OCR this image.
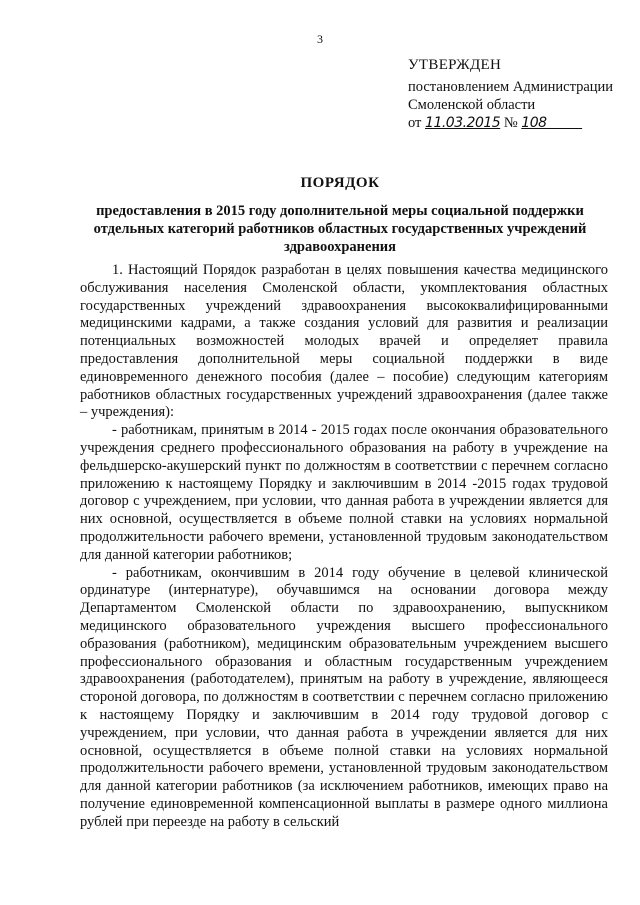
3
УТВЕРЖДЕН
постановлением Администрации
Смоленской области
от 11.03.2015 № 108
ПОРЯДОК
предоставления в 2015 году дополнительной меры социальной поддержки отдельных категорий работников областных государственных учреждений здравоохранения

1. Настоящий Порядок разработан в целях повышения качества медицинского обслуживания населения Смоленской области, укомплектования областных государственных учреждений здравоохранения высококвалифицированными медицинскими кадрами, а также создания условий для развития и реализации потенциальных возможностей молодых врачей и определяет правила предоставления дополнительной меры социальной поддержки в виде единовременного денежного пособия (далее – пособие) следующим категориям работников областных государственных учреждений здравоохранения (далее также – учреждения):

- работникам, принятым в 2014 - 2015 годах после окончания образовательного учреждения среднего профессионального образования на работу в учреждение на фельдшерско-акушерский пункт по должностям в соответствии с перечнем согласно приложению к настоящему Порядку и заключившим в 2014 -2015 годах трудовой договор с учреждением, при условии, что данная работа в учреждении является для них основной, осуществляется в объеме полной ставки на условиях нормальной продолжительности рабочего времени, установленной трудовым законодательством для данной категории работников;

- работникам, окончившим в 2014 году обучение в целевой клинической ординатуре (интернатуре), обучавшимся на основании договора между Департаментом Смоленской области по здравоохранению, выпускником медицинского образовательного учреждения высшего профессионального образования (работником), медицинским образовательным учреждением высшего профессионального образования и областным государственным учреждением здравоохранения (работодателем), принятым на работу в учреждение, являющееся стороной договора, по должностям в соответствии с перечнем согласно приложению к настоящему Порядку и заключившим в 2014 году трудовой договор с учреждением, при условии, что данная работа в учреждении является для них основной, осуществляется в объеме полной ставки на условиях нормальной продолжительности рабочего времени, установленной трудовым законодательством для данной категории работников (за исключением работников, имеющих право на получение единовременной компенсационной выплаты в размере одного миллиона рублей при переезде на работу в сельский
